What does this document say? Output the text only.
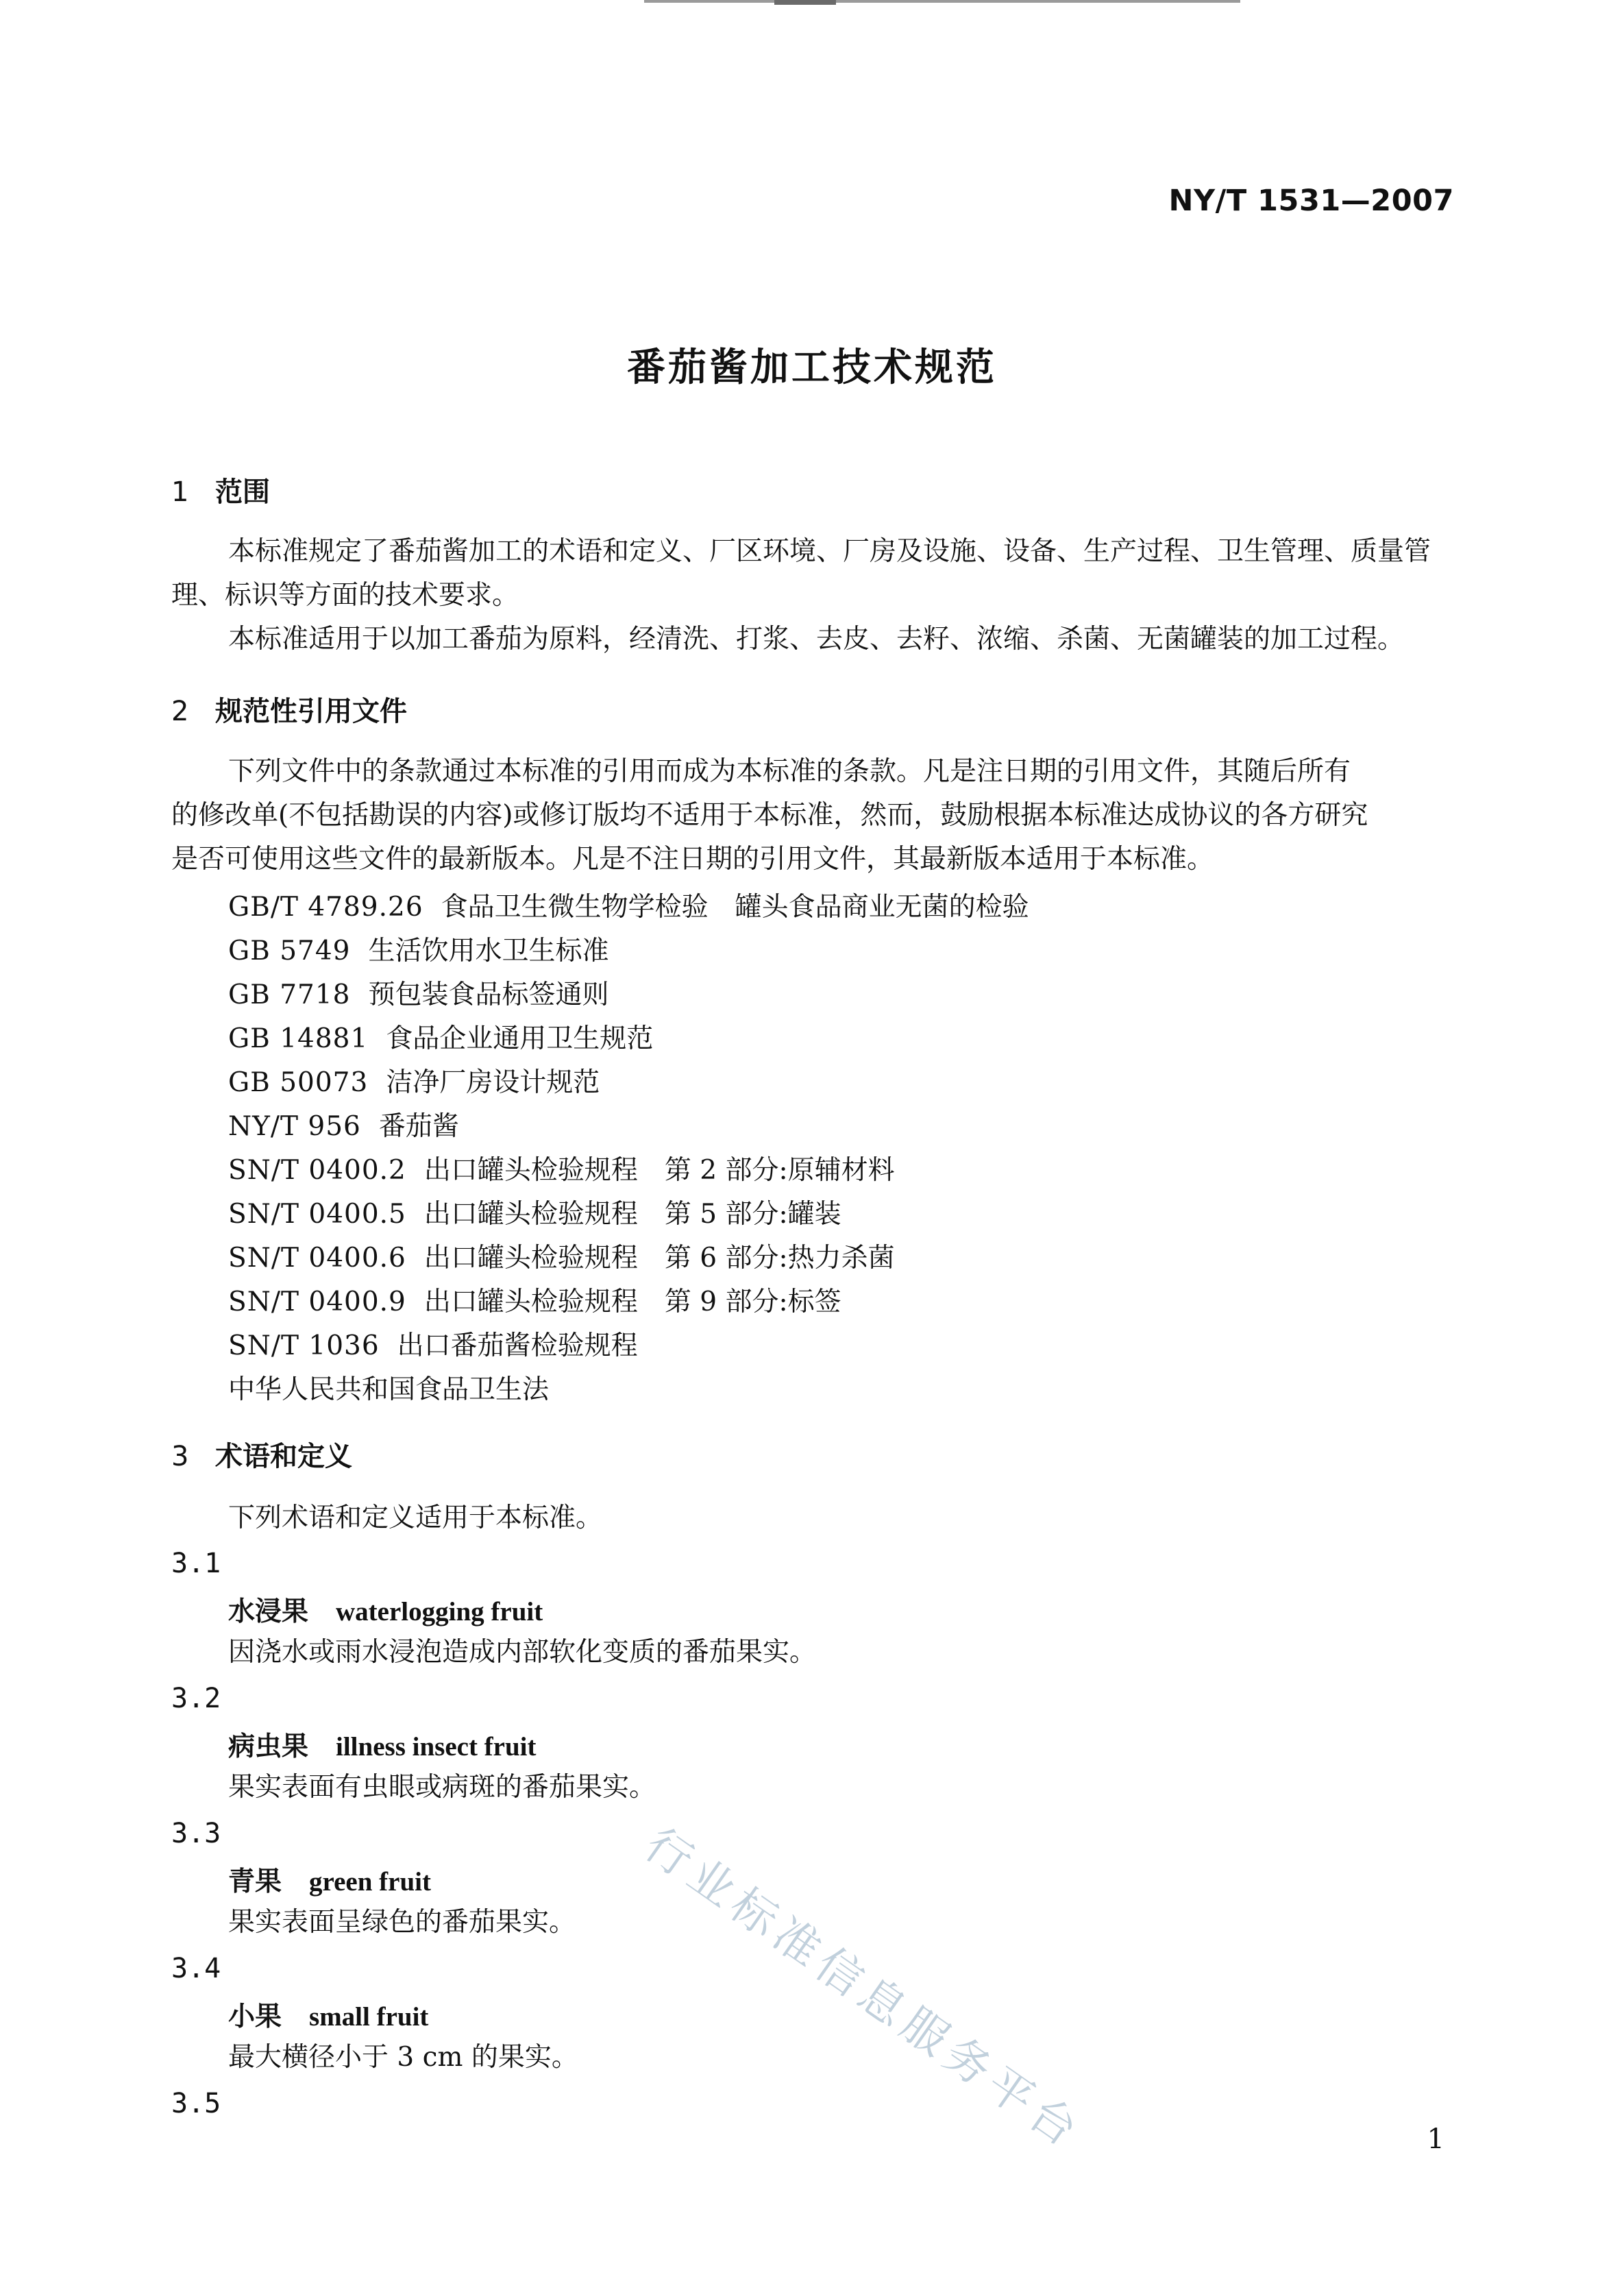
NY/T 1531—2007
番茄酱加工技术规范
1 范围
本标准规定了番茄酱加工的术语和定义、厂区环境、厂房及设施、设备、生产过程、卫生管理、质量管
理、标识等方面的技术要求。
本标准适用于以加工番茄为原料，经清洗、打浆、去皮、去籽、浓缩、杀菌、无菌罐装的加工过程。
2 规范性引用文件
下列文件中的条款通过本标准的引用而成为本标准的条款。凡是注日期的引用文件，其随后所有
的修改单(不包括勘误的内容)或修订版均不适用于本标准，然而，鼓励根据本标准达成协议的各方研究
是否可使用这些文件的最新版本。凡是不注日期的引用文件，其最新版本适用于本标准。
GB/T 4789.26 食品卫生微生物学检验　罐头食品商业无菌的检验
GB 5749 生活饮用水卫生标准
GB 7718 预包装食品标签通则
GB 14881 食品企业通用卫生规范
GB 50073 洁净厂房设计规范
NY/T 956 番茄酱
SN/T 0400.2 出口罐头检验规程　第 2 部分:原辅材料
SN/T 0400.5 出口罐头检验规程　第 5 部分:罐装
SN/T 0400.6 出口罐头检验规程　第 6 部分:热力杀菌
SN/T 0400.9 出口罐头检验规程　第 9 部分:标签
SN/T 1036 出口番茄酱检验规程
中华人民共和国食品卫生法
3 术语和定义
下列术语和定义适用于本标准。
3.1
水浸果 waterlogging fruit
因浇水或雨水浸泡造成内部软化变质的番茄果实。
3.2
病虫果 illness insect fruit
果实表面有虫眼或病斑的番茄果实。
3.3
青果 green fruit
果实表面呈绿色的番茄果实。
3.4
小果 small fruit
最大横径小于 3 cm 的果实。
3.5	行业标准信息服务平台	1
